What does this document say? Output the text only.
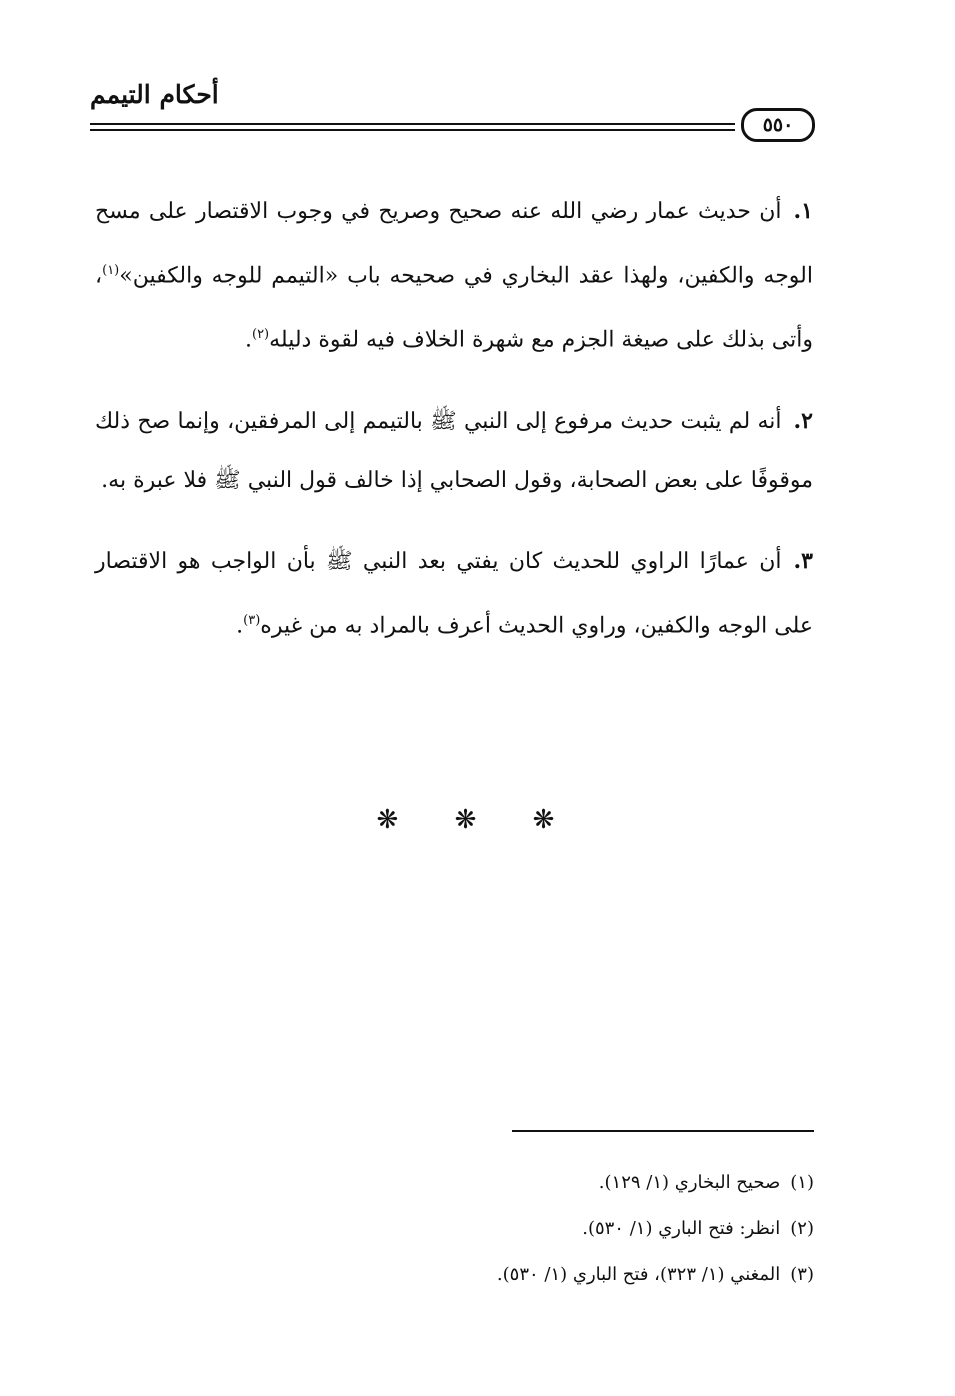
أحكام التيمم
٥٥٠

١.أن حديث عمار رضي الله عنه صحيح وصريح في وجوب الاقتصار على مسح الوجه والكفين، ولهذا عقد البخاري في صحيحه باب «التيمم للوجه والكفين»$^{(١)}$، وأتى بذلك على صيغة الجزم مع شهرة الخلاف فيه لقوة دليله$^{(٢)}$.

٢.أنه لم يثبت حديث مرفوع إلى النبي ﷺ بالتيمم إلى المرفقين، وإنما صح ذلك موقوفًا على بعض الصحابة، وقول الصحابي إذا خالف قول النبي ﷺ فلا عبرة به.

٣.أن عمارًا الراوي للحديث كان يفتي بعد النبي ﷺ بأن الواجب هو الاقتصار على الوجه والكفين، وراوي الحديث أعرف بالمراد به من غيره$^{(٣)}$.

❋ ❋ ❋
(١)صحيح البخاري (١/ ١٢٩).
(٢)انظر: فتح الباري (١/ ٥٣٠).
(٣)المغني (١/ ٣٢٣)، فتح الباري (١/ ٥٣٠).
